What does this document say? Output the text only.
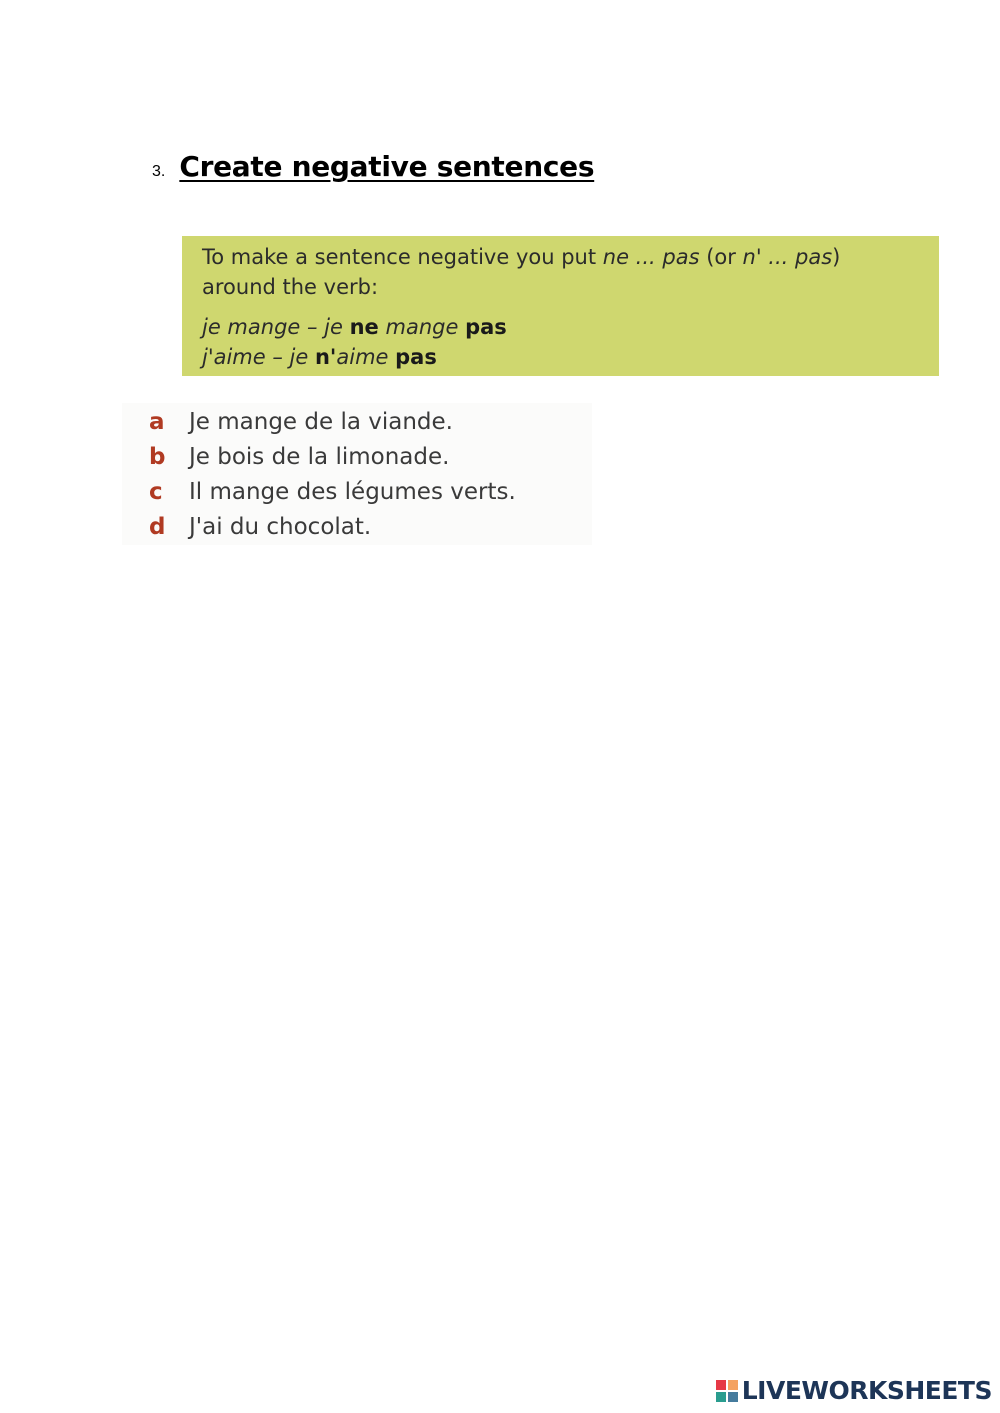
3. Create negative sentences
To make a sentence negative you put ne ... pas (or n' ... pas)
around the verb:
je mange – je ne mange pas
j'aime – je n'aime pas
a	Je mange de la viande.
b	Je bois de la limonade.
c	Il mange des légumes verts.
d	J'ai du chocolat.
LIVEWORKSHEETS
